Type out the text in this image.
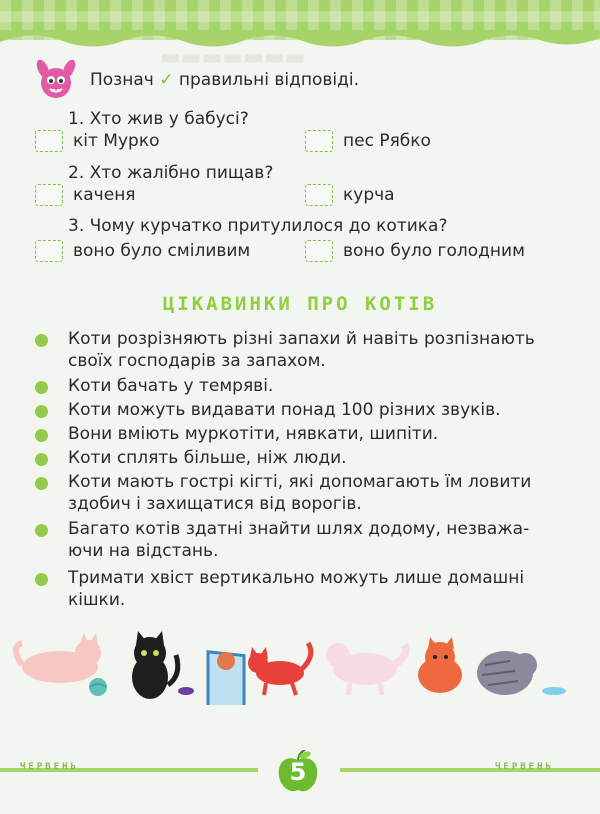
▬▬▬▬▬▬▬
Познач ✓ правильні відповіді.
1. Хто жив у бабусі?
кіт Мурко	пес Рябко
2. Хто жалібно пищав?
каченя	курча
3. Чому курчатко притулилося до котика?
воно було сміливим	воно було голодним
ЦІКАВИНКИ ПРО КОТІВ
Коти розрізняють різні запахи й навіть розпізнають
своїх господарів за запахом.
Коти бачать у темряві.
Коти можуть видавати понад 100 різних звуків.
Вони вміють муркотіти, нявкати, шипіти.
Коти сплять більше, ніж люди.
Коти мають гострі кігті, які допомагають їм ловити
здобич і захищатися від ворогів.
Багато котів здатні знайти шлях додому, незважа-
ючи на відстань.
Тримати хвіст вертикально можуть лише домашні
кішки.
ЧЕРВЕНЬ	ЧЕРВЕНЬ
5
